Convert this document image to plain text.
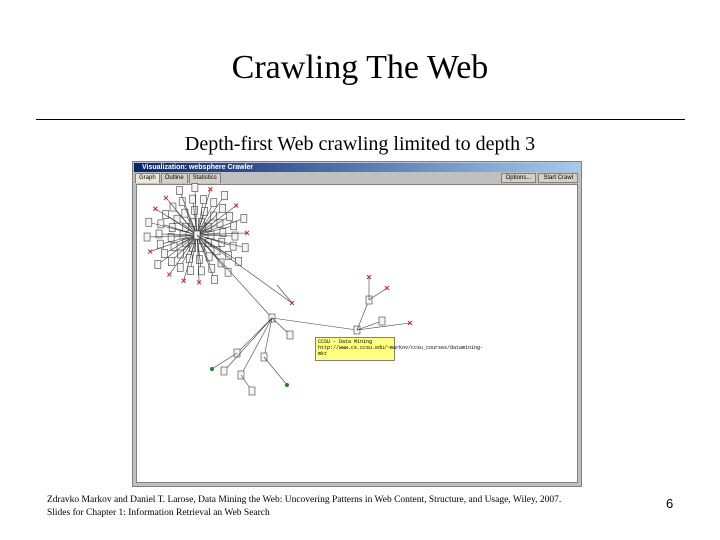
Crawling The Web
Depth-first Web crawling limited to depth 3
Visualization: websphere Crawler
Graph	Outline	Statistics	Options...	Start Crawl
CCSU - Data Mining
http://www.cs.ccsu.edu/~markov/ccsu_courses/datamining-
mkt
Zdravko Markov and Daniel T. Larose, Data Mining the Web: Uncovering Patterns in Web Content, Structure, and Usage, Wiley, 2007.
Slides for Chapter 1: Information Retrieval an Web Search
6
